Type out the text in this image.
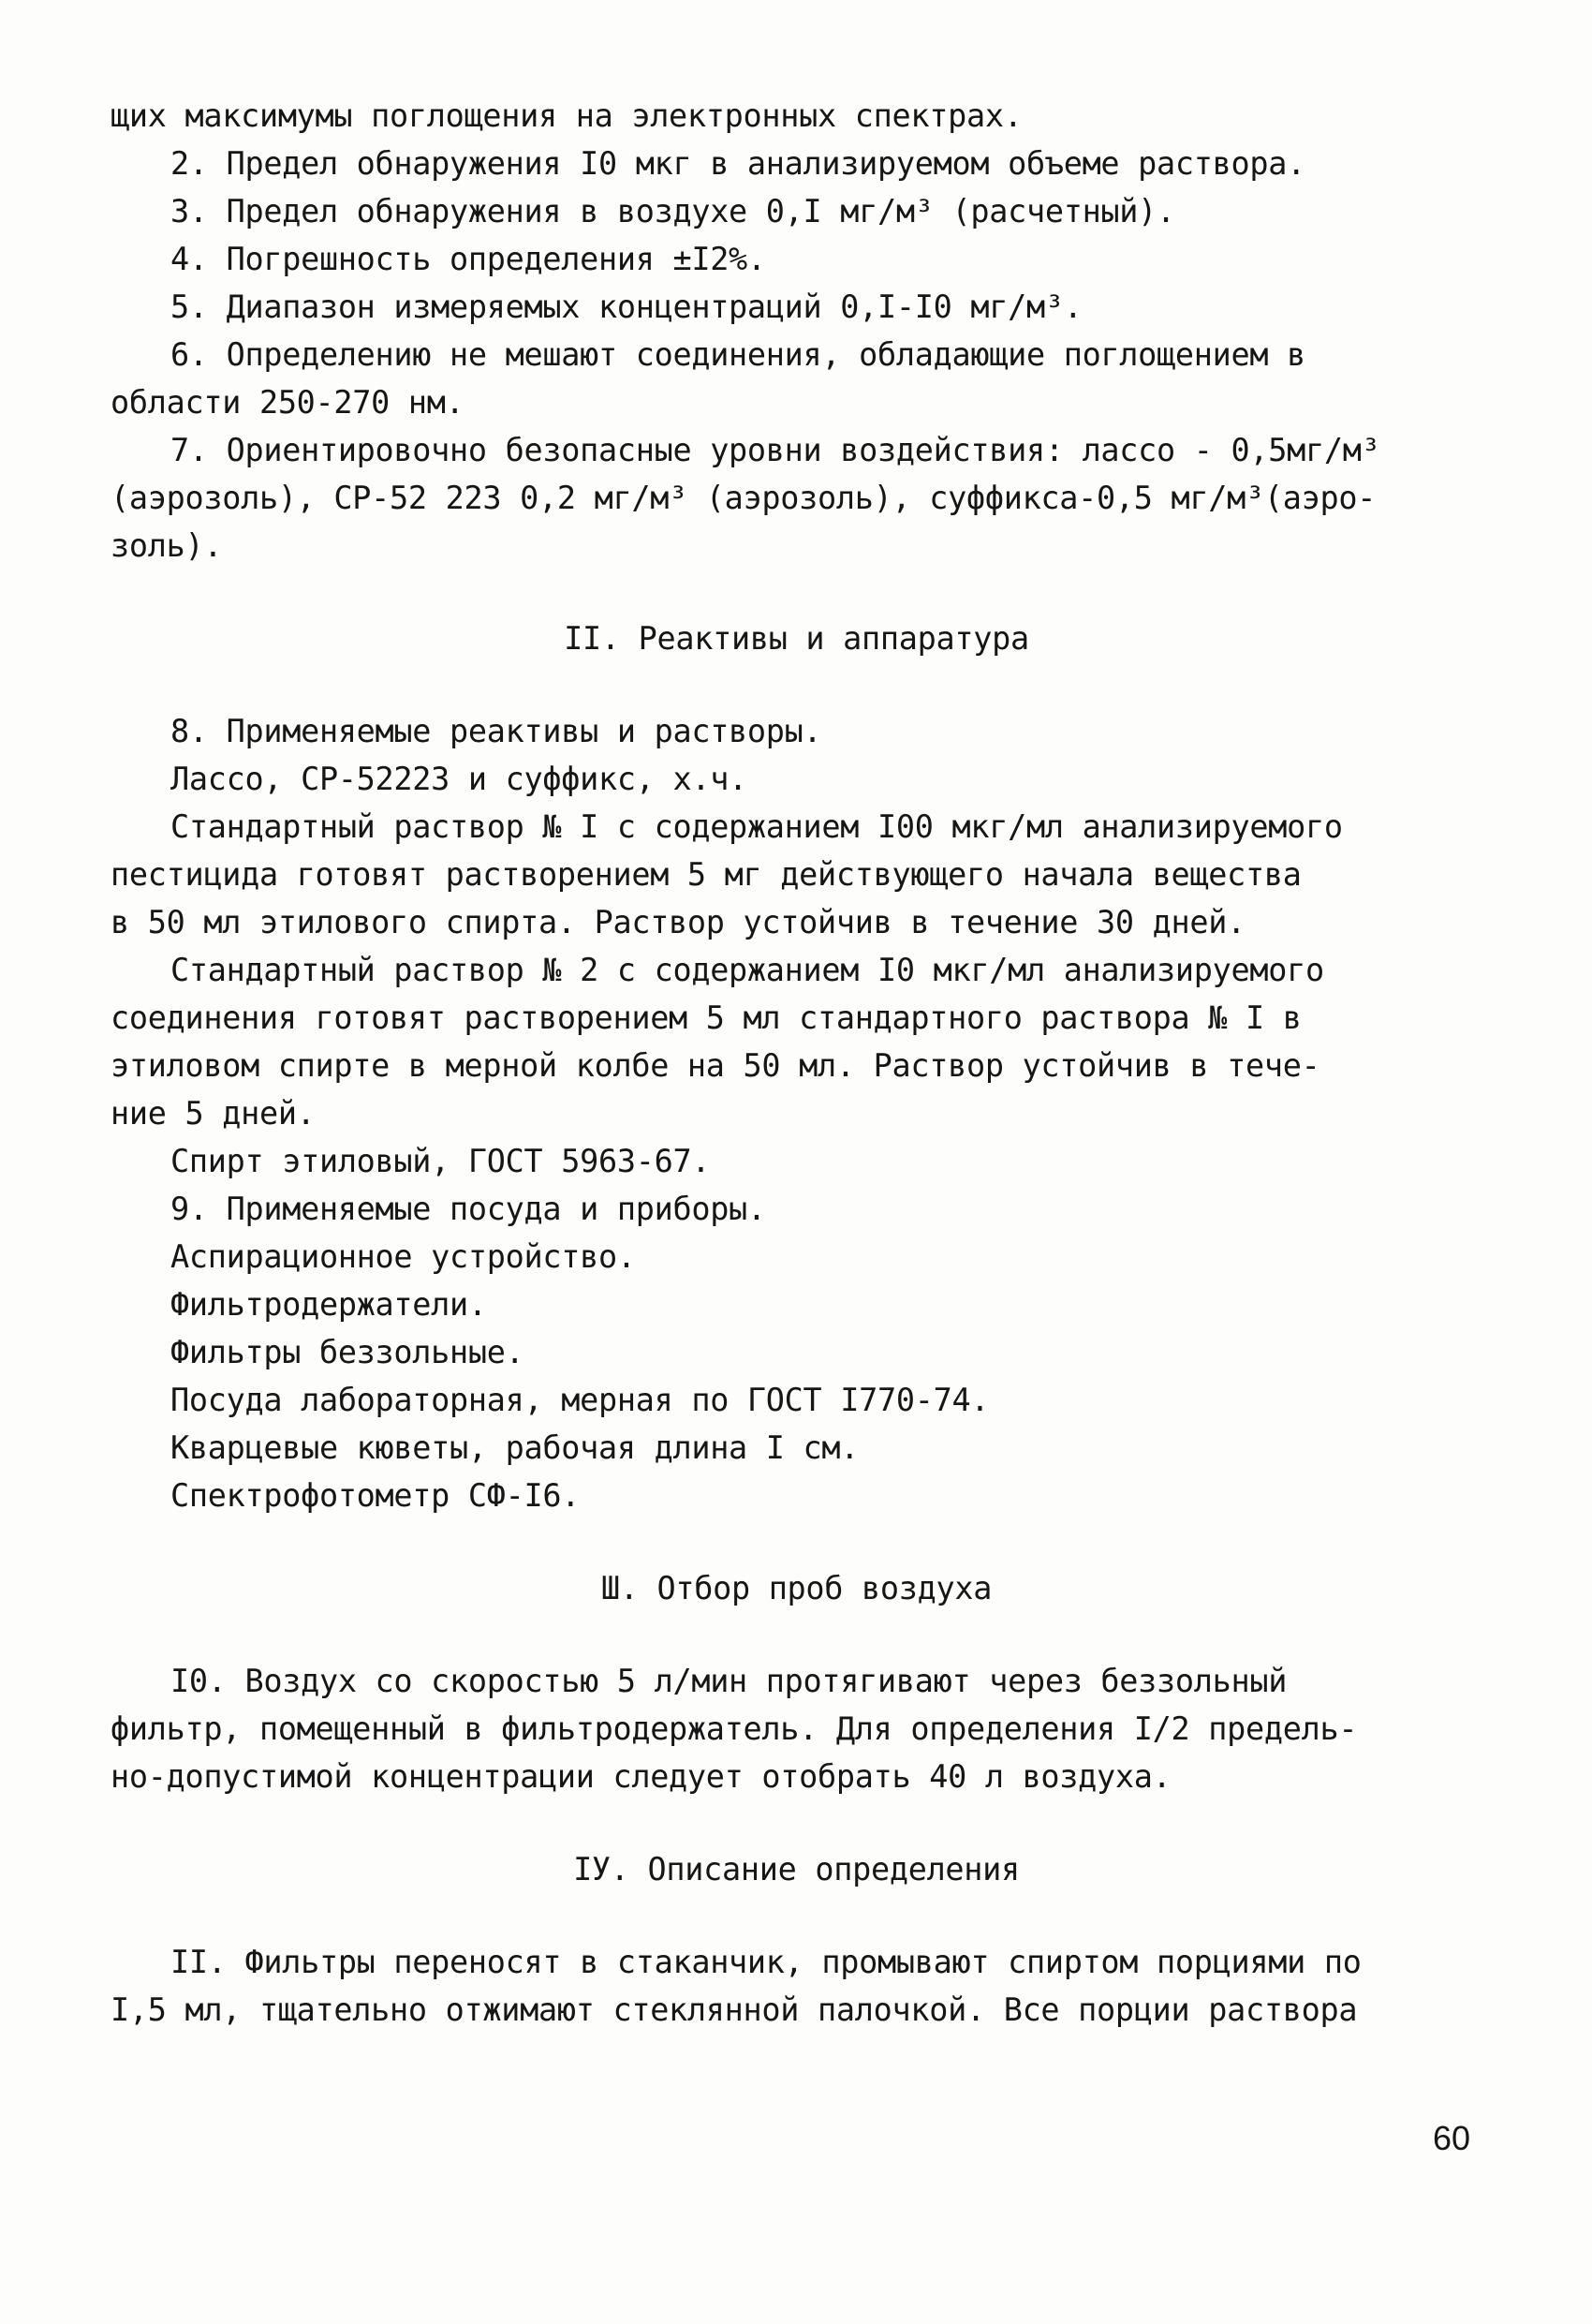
щих максимумы поглощения на электронных спектрах.

2. Предел обнаружения I0 мкг в анализируемом объеме раствора.

3. Предел обнаружения в воздухе 0,I мг/м³ (расчетный).

4. Погрешность определения ±I2%.

5. Диапазон измеряемых концентраций 0,I-I0 мг/м³.

6. Определению не мешают соединения, обладающие поглощением в

области 250-270 нм.

7. Ориентировочно безопасные уровни воздействия: лассо - 0,5мг/м³

(аэрозоль), СР-52 223 0,2 мг/м³ (аэрозоль), суффикса-0,5 мг/м³(аэро-

золь).

II. Реактивы и аппаратура

8. Применяемые реактивы и растворы.

Лассо, СР-52223 и суффикс, х.ч.

Стандартный раствор № I с содержанием I00 мкг/мл анализируемого

пестицида готовят растворением 5 мг действующего начала вещества

в 50 мл этилового спирта. Раствор устойчив в течение 30 дней.

Стандартный раствор № 2 с содержанием I0 мкг/мл анализируемого

соединения готовят растворением 5 мл стандартного раствора № I в

этиловом спирте в мерной колбе на 50 мл. Раствор устойчив в тече-

ние 5 дней.

Спирт этиловый, ГОСТ 5963-67.

9. Применяемые посуда и приборы.

Аспирационное устройство.

Фильтродержатели.

Фильтры беззольные.

Посуда лабораторная, мерная по ГОСТ I770-74.

Кварцевые кюветы, рабочая длина I см.

Спектрофотометр СФ-I6.

Ш. Отбор проб воздуха

I0. Воздух со скоростью 5 л/мин протягивают через беззольный

фильтр, помещенный в фильтродержатель. Для определения I/2 предель-

но-допустимой концентрации следует отобрать 40 л воздуха.

IУ. Описание определения

II. Фильтры переносят в стаканчик, промывают спиртом порциями по

I,5 мл, тщательно отжимают стеклянной палочкой. Все порции раствора

60
